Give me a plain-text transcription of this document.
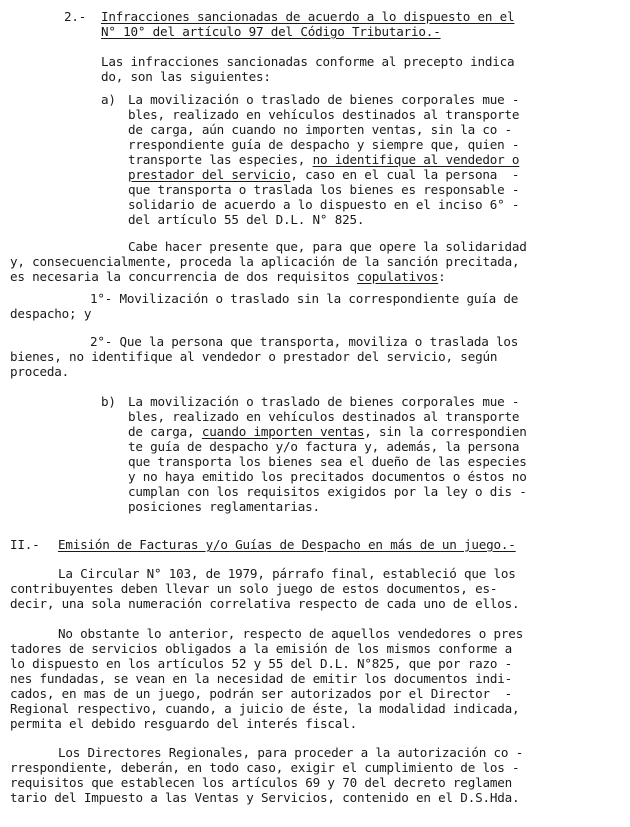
2.- Infracciones sancionadas de acuerdo a lo dispuesto en el
N° 10° del artículo 97 del Código Tributario.-
Las infracciones sancionadas conforme al precepto indica
do, son las siguientes:
a) La movilización o traslado de bienes corporales mue -
bles, realizado en vehículos destinados al transporte
de carga, aún cuando no importen ventas, sin la co -
rrespondiente guía de despacho y siempre que, quien -
transporte las especies, no identifique al vendedor o
prestador del servicio, caso en el cual la persona  -
que transporta o traslada los bienes es responsable -
solidario de acuerdo a lo dispuesto en el inciso 6° -
del artículo 55 del D.L. N° 825.
Cabe hacer presente que, para que opere la solidaridad
y, consecuencialmente, proceda la aplicación de la sanción precitada,
es necesaria la concurrencia de dos requisitos copulativos:
1°- Movilización o traslado sin la correspondiente guía de
despacho; y
2°- Que la persona que transporta, moviliza o traslada los
bienes, no identifique al vendedor o prestador del servicio, según
proceda.
b) La movilización o traslado de bienes corporales mue -
bles, realizado en vehículos destinados al transporte
de carga, cuando importen ventas, sin la correspondien
te guía de despacho y/o factura y, además, la persona
que transporta los bienes sea el dueño de las especies
y no haya emitido los precitados documentos o éstos no
cumplan con los requisitos exigidos por la ley o dis -
posiciones reglamentarias.
II.- Emisión de Facturas y/o Guías de Despacho en más de un juego.-
La Circular N° 103, de 1979, párrafo final, estableció que los
contribuyentes deben llevar un solo juego de estos documentos, es-
decir, una sola numeración correlativa respecto de cada uno de ellos.
No obstante lo anterior, respecto de aquellos vendedores o pres
tadores de servicios obligados a la emisión de los mismos conforme a
lo dispuesto en los artículos 52 y 55 del D.L. N°825, que por razo -
nes fundadas, se vean en la necesidad de emitir los documentos indi-
cados, en mas de un juego, podrán ser autorizados por el Director  -
Regional respectivo, cuando, a juicio de éste, la modalidad indicada,
permita el debido resguardo del interés fiscal.
Los Directores Regionales, para proceder a la autorización co -
rrespondiente, deberán, en todo caso, exigir el cumplimiento de los -
requisitos que establecen los artículos 69 y 70 del decreto reglamen
tario del Impuesto a las Ventas y Servicios, contenido en el D.S.Hda.
